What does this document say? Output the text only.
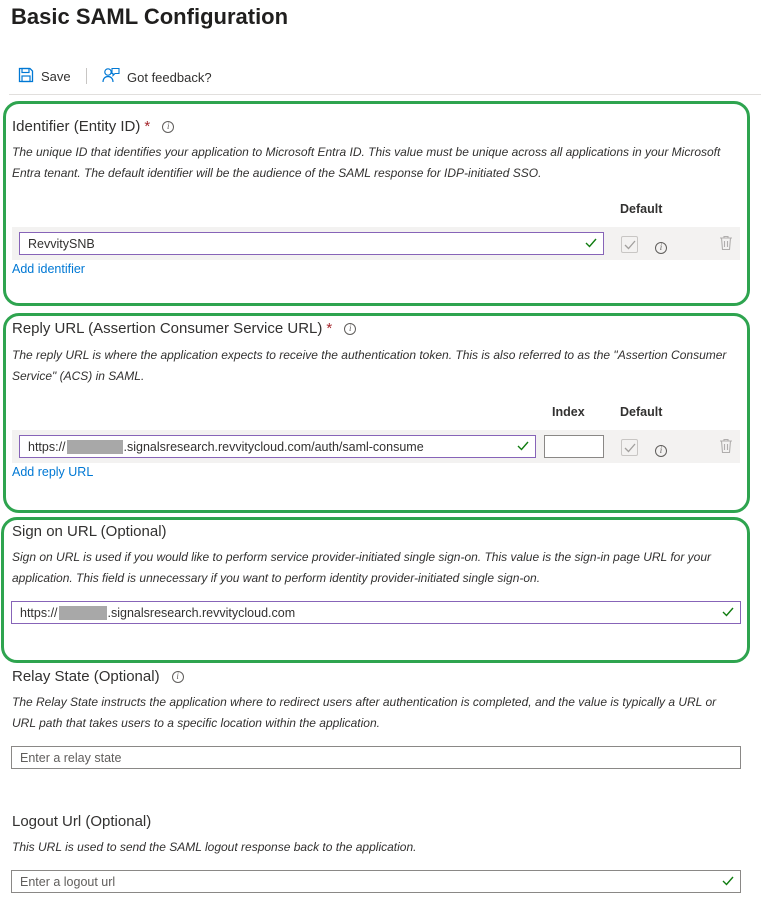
Basic SAML Configuration
Save	Got feedback?
Identifier (Entity ID) *	i
The unique ID that identifies your application to Microsoft Entra ID. This value must be unique across all applications in your Microsoft Entra tenant. The default identifier will be the audience of the SAML response for IDP-initiated SSO.
Default
RevvitySNB	i
Add identifier
Reply URL (Assertion Consumer Service URL) *	i
The reply URL is where the application expects to receive the authentication token. This is also referred to as the "Assertion Consumer Service" (ACS) in SAML.
Index	Default
https://	.signalsresearch.revvitycloud.com/auth/saml-consume	i
Add reply URL
Sign on URL (Optional)
Sign on URL is used if you would like to perform service provider-initiated single sign-on. This value is the sign-in page URL for your application. This field is unnecessary if you want to perform identity provider-initiated single sign-on.
https://	.signalsresearch.revvitycloud.com
Relay State (Optional)	i
The Relay State instructs the application where to redirect users after authentication is completed, and the value is typically a URL or URL path that takes users to a specific location within the application.
Enter a relay state
Logout Url (Optional)
This URL is used to send the SAML logout response back to the application.
Enter a logout url
